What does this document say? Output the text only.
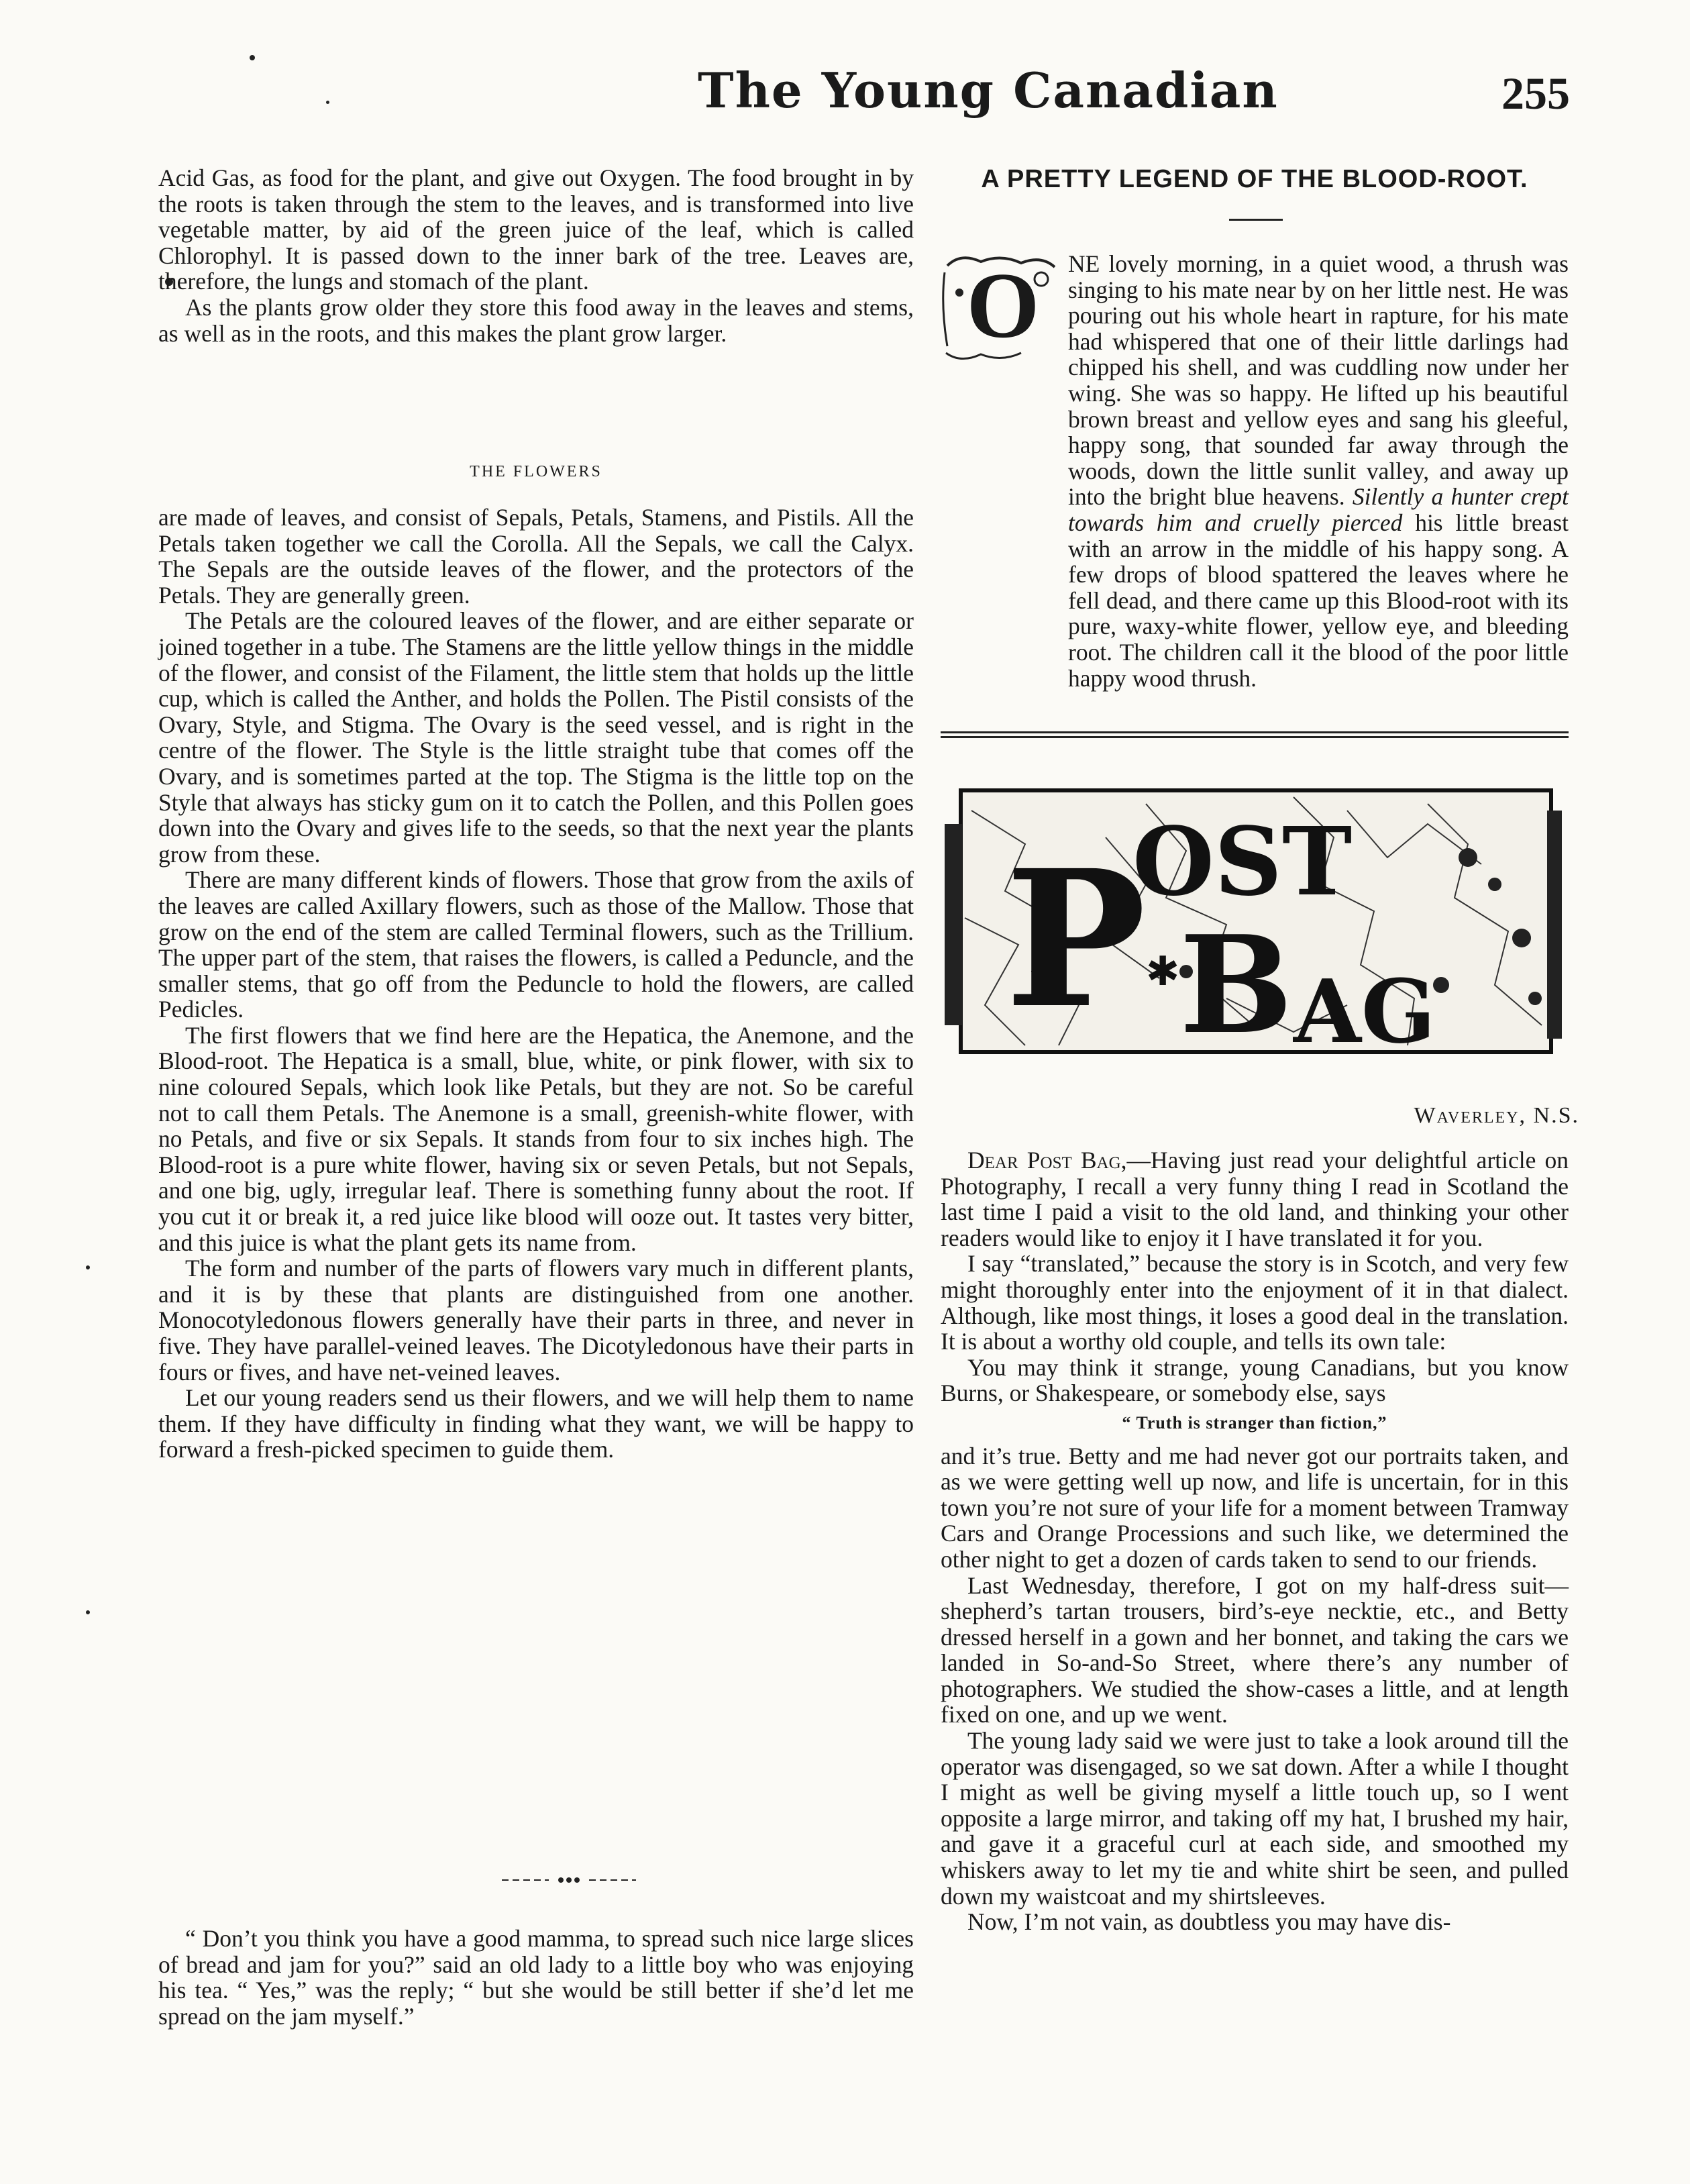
The Young Canadian	255

Acid Gas, as food for the plant, and give out Oxygen. The food brought in by the roots is taken through the stem to the leaves, and is transformed into live vegetable matter, by aid of the green juice of the leaf, which is called Chlorophyl. It is passed down to the inner bark of the tree. Leaves are, therefore, the lungs and stomach of the plant.

As the plants grow older they store this food away in the leaves and stems, as well as in the roots, and this makes the plant grow larger.

THE FLOWERS

are made of leaves, and consist of Sepals, Petals, Stamens, and Pistils. All the Petals taken together we call the Corolla. All the Sepals, we call the Calyx. The Sepals are the outside leaves of the flower, and the protectors of the Petals. They are generally green.

The Petals are the coloured leaves of the flower, and are either separate or joined together in a tube. The Stamens are the little yellow things in the middle of the flower, and consist of the Filament, the little stem that holds up the little cup, which is called the Anther, and holds the Pollen. The Pistil consists of the Ovary, Style, and Stigma. The Ovary is the seed vessel, and is right in the centre of the flower. The Style is the little straight tube that comes off the Ovary, and is sometimes parted at the top. The Stigma is the little top on the Style that always has sticky gum on it to catch the Pollen, and this Pollen goes down into the Ovary and gives life to the seeds, so that the next year the plants grow from these.

There are many different kinds of flowers. Those that grow from the axils of the leaves are called Axillary flowers, such as those of the Mallow. Those that grow on the end of the stem are called Terminal flowers, such as the Trillium. The upper part of the stem, that raises the flowers, is called a Peduncle, and the smaller stems, that go off from the Peduncle to hold the flowers, are called Pedicles.

The first flowers that we find here are the Hepatica, the Anemone, and the Blood-root. The Hepatica is a small, blue, white, or pink flower, with six to nine coloured Sepals, which look like Petals, but they are not. So be careful not to call them Petals. The Anemone is a small, greenish-white flower, with no Petals, and five or six Sepals. It stands from four to six inches high. The Blood-root is a pure white flower, having six or seven Petals, but not Sepals, and one big, ugly, irregular leaf. There is something funny about the root. If you cut it or break it, a red juice like blood will ooze out. It tastes very bitter, and this juice is what the plant gets its name from.

The form and number of the parts of flowers vary much in different plants, and it is by these that plants are distinguished from one another. Monocotyledonous flowers generally have their parts in three, and never in five. They have parallel-veined leaves. The Dicotyledonous have their parts in fours or fives, and have net-veined leaves.

Let our young readers send us their flowers, and we will help them to name them. If they have difficulty in finding what they want, we will be happy to forward a fresh-picked specimen to guide them.

“ Don’t you think you have a good mamma, to spread such nice large slices of bread and jam for you?” said an old lady to a little boy who was enjoying his tea. “ Yes,” was the reply; “ but she would be still better if she’d let me spread on the jam myself.”

A PRETTY LEGEND OF THE BLOOD-ROOT.
O NE lovely morning, in a quiet wood, a thrush was singing to his mate near by on her little nest. He was pouring out his whole heart in rapture, for his mate had whispered that one of their little darlings had chipped his shell, and was cuddling now under her wing. She was so happy. He lifted up his beautiful brown breast and yellow eyes and sang his gleeful, happy song, that sounded far away through the woods, down the little sunlit valley, and away up into the bright blue heavens. Silently a hunter crept towards him and cruelly pierced his little breast with an arrow in the middle of his happy song. A few drops of blood spattered the leaves where he fell dead, and there came up this Blood-root with its pure, waxy-white flower, yellow eye, and bleeding root. The children call it the blood of the poor little happy wood thrush.

P
OST
B AG
✱
Waverley, N.S.

Dear Post Bag,—Having just read your delightful article on Photography, I recall a very funny thing I read in Scotland the last time I paid a visit to the old land, and thinking your other readers would like to enjoy it I have translated it for you.

I say “translated,” because the story is in Scotch, and very few might thoroughly enter into the enjoyment of it in that dialect. Although, like most things, it loses a good deal in the translation. It is about a worthy old couple, and tells its own tale:

You may think it strange, young Canadians, but you know Burns, or Shakespeare, or somebody else, says

“ Truth is stranger than fiction,”

and it’s true. Betty and me had never got our portraits taken, and as we were getting well up now, and life is uncertain, for in this town you’re not sure of your life for a moment between Tramway Cars and Orange Processions and such like, we determined the other night to get a dozen of cards taken to send to our friends.

Last Wednesday, therefore, I got on my half-dress suit—shepherd’s tartan trousers, bird’s-eye necktie, etc., and Betty dressed herself in a gown and her bonnet, and taking the cars we landed in So-and-So Street, where there’s any number of photographers. We studied the show-cases a little, and at length fixed on one, and up we went.

The young lady said we were just to take a look around till the operator was disengaged, so we sat down. After a while I thought I might as well be giving myself a little touch up, so I went opposite a large mirror, and taking off my hat, I brushed my hair, and gave it a graceful curl at each side, and smoothed my whiskers away to let my tie and white shirt be seen, and pulled down my waistcoat and my shirtsleeves.

Now, I’m not vain, as doubtless you may have dis-
